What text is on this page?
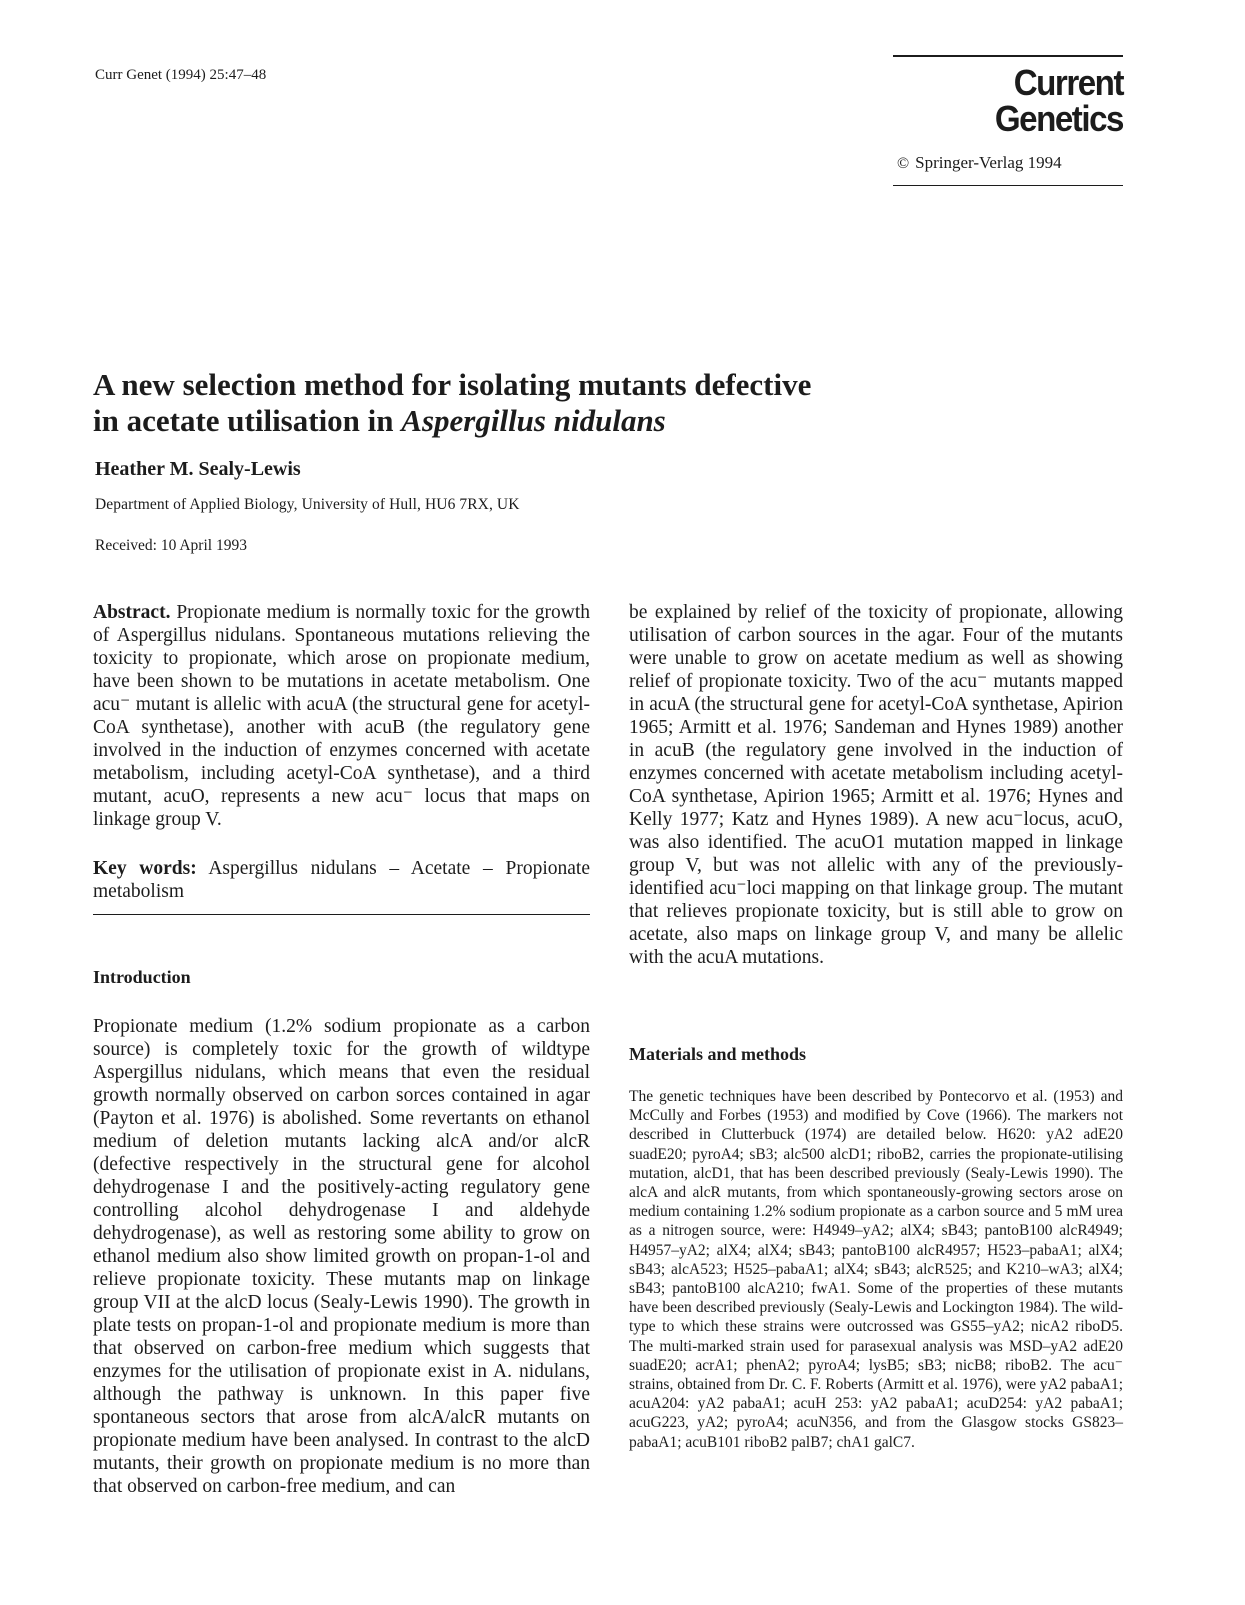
Curr Genet (1994) 25:47–48	Current Genetics
© Springer-Verlag 1994
A new selection method for isolating mutants defective
in acetate utilisation in Aspergillus nidulans
Heather M. Sealy-Lewis
Department of Applied Biology, University of Hull, HU6 7RX, UK
Received: 10 April 1993

Abstract. Propionate medium is normally toxic for the growth of Aspergillus nidulans. Spontaneous mutations relieving the toxicity to propionate, which arose on propionate medium, have been shown to be mutations in acetate metabolism. One acu⁻ mutant is allelic with acuA (the structural gene for acetyl-CoA synthetase), another with acuB (the regulatory gene involved in the induction of enzymes concerned with acetate metabolism, including acetyl-CoA synthetase), and a third mutant, acuO, represents a new acu⁻ locus that maps on linkage group V.

Key words: Aspergillus nidulans – Acetate – Propionate metabolism

Introduction

Propionate medium (1.2% sodium propionate as a carbon source) is completely toxic for the growth of wildtype Aspergillus nidulans, which means that even the residual growth normally observed on carbon sorces contained in agar (Payton et al. 1976) is abolished. Some revertants on ethanol medium of deletion mutants lacking alcA and/or alcR (defective respectively in the structural gene for alcohol dehydrogenase I and the positively-acting regulatory gene controlling alcohol dehydrogenase I and aldehyde dehydrogenase), as well as restoring some ability to grow on ethanol medium also show limited growth on propan-1-ol and relieve propionate toxicity. These mutants map on linkage group VII at the alcD locus (Sealy-Lewis 1990). The growth in plate tests on propan-1-ol and propionate medium is more than that observed on carbon-free medium which suggests that enzymes for the utilisation of propionate exist in A. nidulans, although the pathway is unknown. In this paper five spontaneous sectors that arose from alcA/alcR mutants on propionate medium have been analysed. In contrast to the alcD mutants, their growth on propionate medium is no more than that observed on carbon-free medium, and can

be explained by relief of the toxicity of propionate, allowing utilisation of carbon sources in the agar. Four of the mutants were unable to grow on acetate medium as well as showing relief of propionate toxicity. Two of the acu⁻ mutants mapped in acuA (the structural gene for acetyl-CoA synthetase, Apirion 1965; Armitt et al. 1976; Sandeman and Hynes 1989) another in acuB (the regulatory gene involved in the induction of enzymes concerned with acetate metabolism including acetyl-CoA synthetase, Apirion 1965; Armitt et al. 1976; Hynes and Kelly 1977; Katz and Hynes 1989). A new acu⁻locus, acuO, was also identified. The acuO1 mutation mapped in linkage group V, but was not allelic with any of the previously-identified acu⁻loci mapping on that linkage group. The mutant that relieves propionate toxicity, but is still able to grow on acetate, also maps on linkage group V, and many be allelic with the acuA mutations.

Materials and methods

The genetic techniques have been described by Pontecorvo et al. (1953) and McCully and Forbes (1953) and modified by Cove (1966). The markers not described in Clutterbuck (1974) are detailed below. H620: yA2 adE20 suadE20; pyroA4; sB3; alc500 alcD1; riboB2, carries the propionate-utilising mutation, alcD1, that has been described previously (Sealy-Lewis 1990). The alcA and alcR mutants, from which spontaneously-growing sectors arose on medium containing 1.2% sodium propionate as a carbon source and 5 mM urea as a nitrogen source, were: H4949–yA2; alX4; sB43; pantoB100 alcR4949; H4957–yA2; alX4; alX4; sB43; pantoB100 alcR4957; H523–pabaA1; alX4; sB43; alcA523; H525–pabaA1; alX4; sB43; alcR525; and K210–wA3; alX4; sB43; pantoB100 alcA210; fwA1. Some of the properties of these mutants have been described previously (Sealy-Lewis and Lockington 1984). The wild-type to which these strains were outcrossed was GS55–yA2; nicA2 riboD5. The multi-marked strain used for parasexual analysis was MSD–yA2 adE20 suadE20; acrA1; phenA2; pyroA4; lysB5; sB3; nicB8; riboB2. The acu⁻ strains, obtained from Dr. C. F. Roberts (Armitt et al. 1976), were yA2 pabaA1; acuA204: yA2 pabaA1; acuH 253: yA2 pabaA1; acuD254: yA2 pabaA1; acuG223, yA2; pyroA4; acuN356, and from the Glasgow stocks GS823–pabaA1; acuB101 riboB2 palB7; chA1 galC7.
